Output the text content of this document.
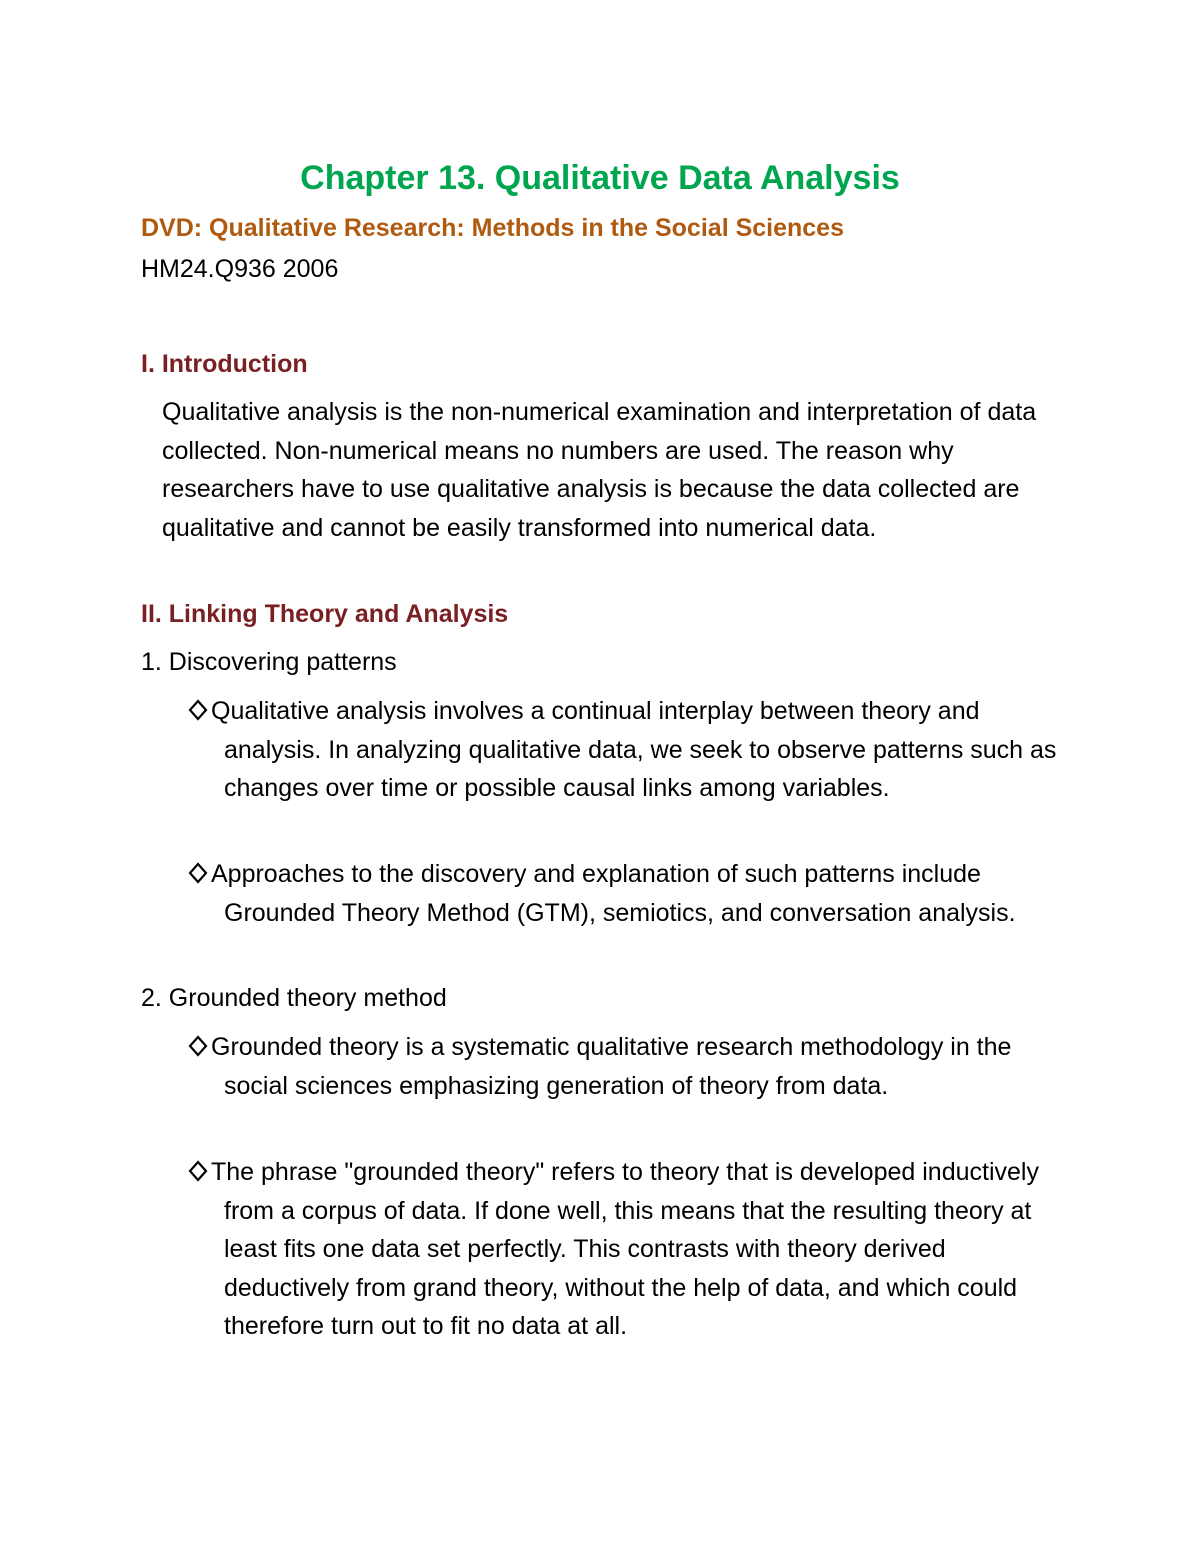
Chapter 13. Qualitative Data Analysis
DVD: Qualitative Research: Methods in the Social Sciences
HM24.Q936 2006
I. Introduction

Qualitative analysis is the non-numerical examination and interpretation of data collected. Non-numerical means no numbers are used. The reason why researchers have to use qualitative analysis is because the data collected are qualitative and cannot be easily transformed into numerical data.

II. Linking Theory and Analysis
1. Discovering patterns

Qualitative analysis involves a continual interplay between theory and analysis. In analyzing qualitative data, we seek to observe patterns such as changes over time or possible causal links among variables.

Approaches to the discovery and explanation of such patterns include Grounded Theory Method (GTM), semiotics, and conversation analysis.

2. Grounded theory method

Grounded theory is a systematic qualitative research methodology in the social sciences emphasizing generation of theory from data.

The phrase "grounded theory" refers to theory that is developed inductively from a corpus of data. If done well, this means that the resulting theory at least fits one data set perfectly. This contrasts with theory derived deductively from grand theory, without the help of data, and which could therefore turn out to fit no data at all.
